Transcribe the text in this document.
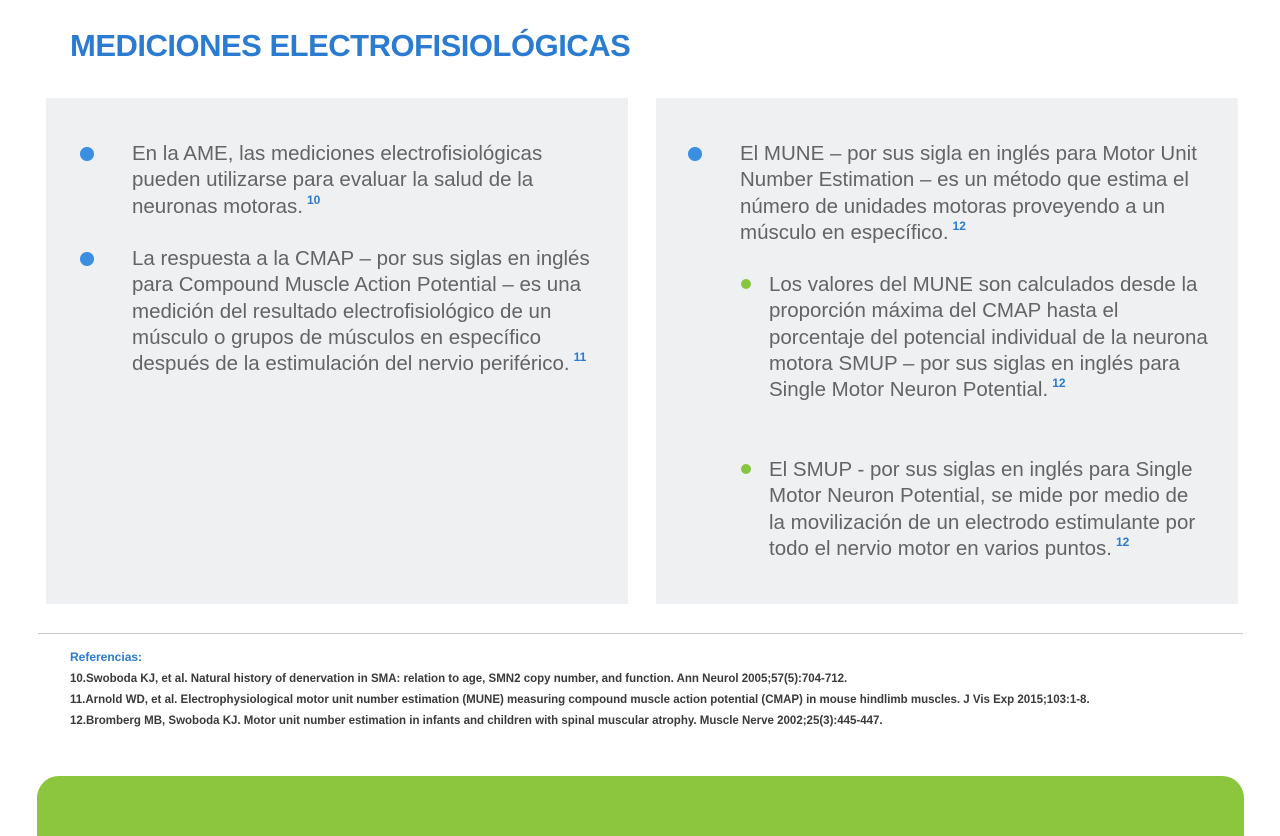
MEDICIONES ELECTROFISIOLÓGICAS

En la AME, las mediciones electrofisiológicas pueden utilizarse para evaluar la salud de la neuronas motoras. $^{10}$

La respuesta a la CMAP – por sus siglas en inglés para Compound Muscle Action Potential – es una medición del resultado electrofisiológico de un músculo o grupos de músculos en específico después de la estimulación del nervio periférico. $^{11}$

El MUNE – por sus sigla en inglés para Motor Unit Number Estimation – es un método que estima el número de unidades motoras proveyendo a un músculo en específico. $^{12}$

Los valores del MUNE son calculados desde la proporción máxima del CMAP hasta el porcentaje del potencial individual de la neurona motora SMUP – por sus siglas en inglés para Single Motor Neuron Potential. $^{12}$

El SMUP - por sus siglas en inglés para Single Motor Neuron Potential, se mide por medio de la movilización de un electrodo estimulante por todo el nervio motor en varios puntos. $^{12}$

Referencias:
10.Swoboda KJ, et al. Natural history of denervation in SMA: relation to age, SMN2 copy number, and function. Ann Neurol 2005;57(5):704-712.
11.Arnold WD, et al. Electrophysiological motor unit number estimation (MUNE) measuring compound muscle action potential (CMAP) in mouse hindlimb muscles. J Vis Exp 2015;103:1-8.
12.Bromberg MB, Swoboda KJ. Motor unit number estimation in infants and children with spinal muscular atrophy. Muscle Nerve 2002;25(3):445-447.
